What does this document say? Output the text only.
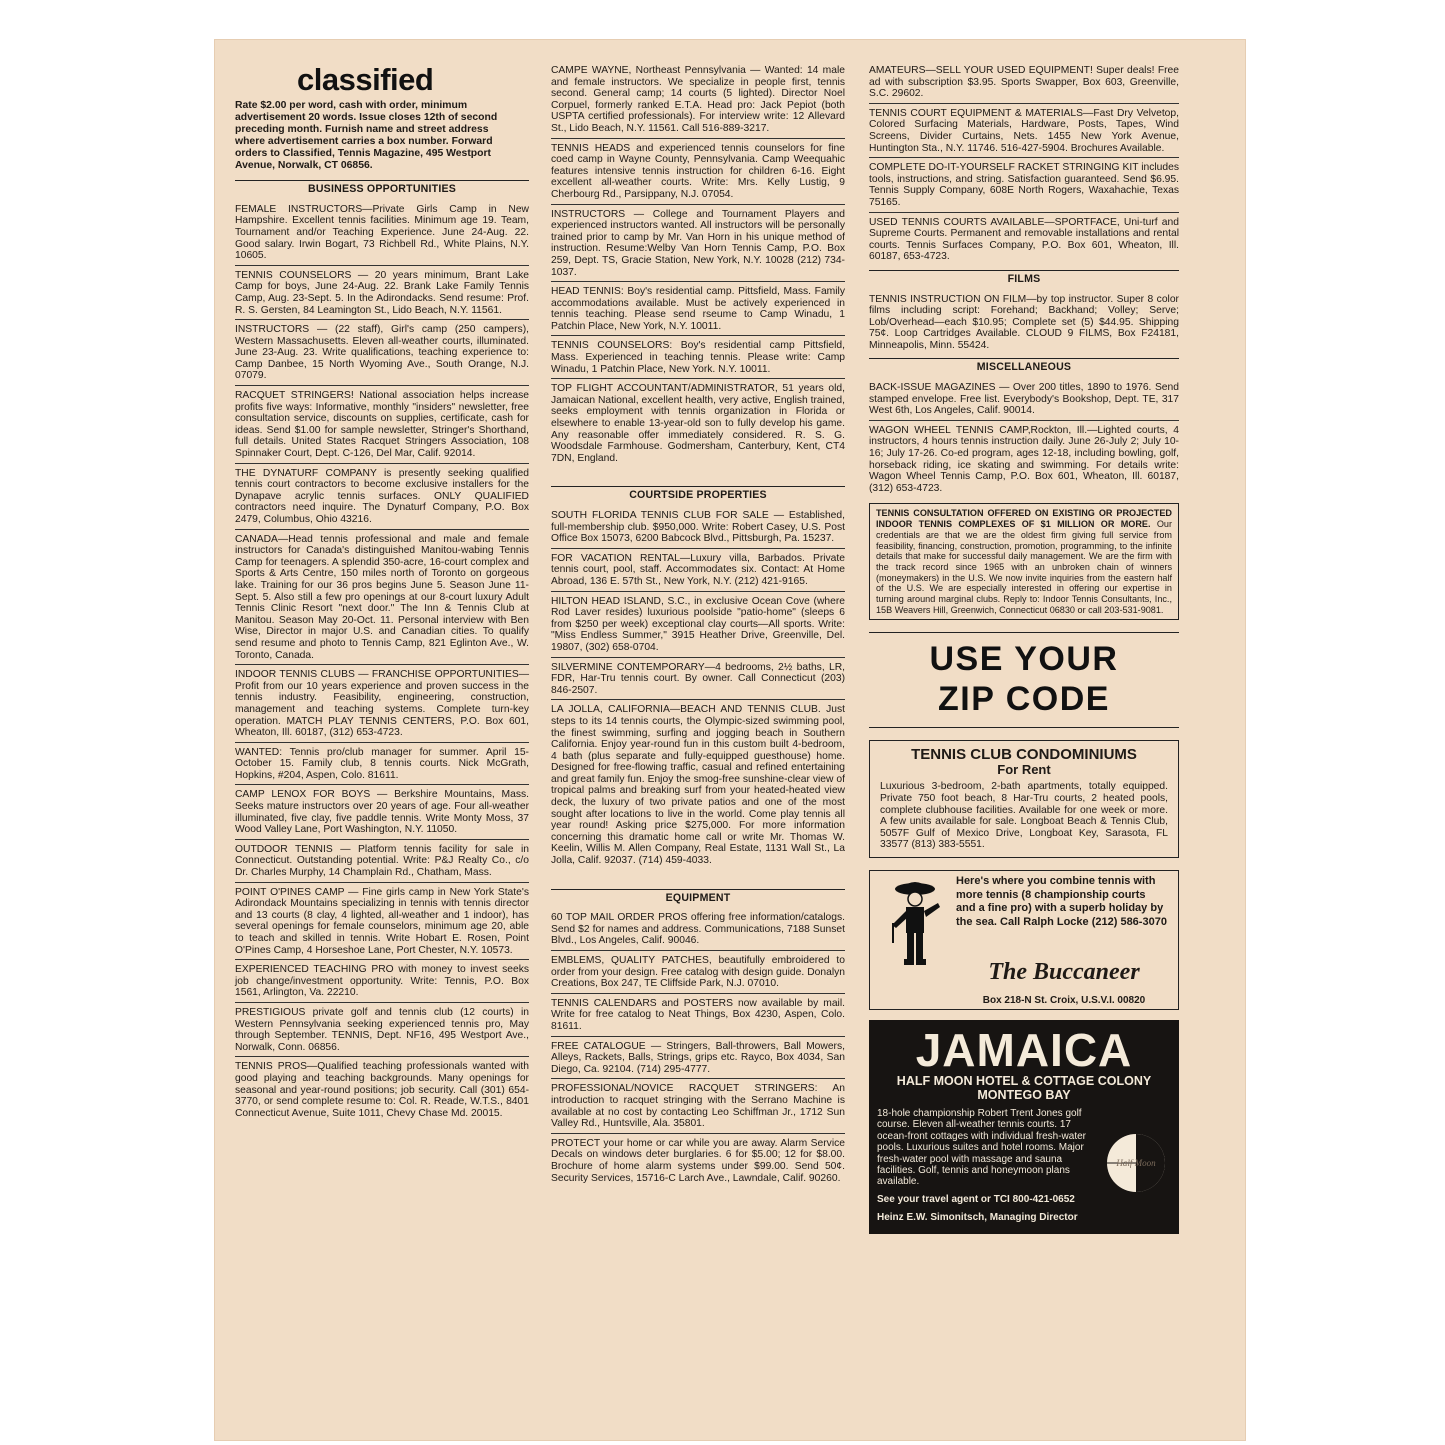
classified
Rate $2.00 per word, cash with order, minimum advertisement 20 words. Issue closes 12th of second preceding month. Furnish name and street address where advertisement carries a box number. Forward orders to Classified, Tennis Magazine, 495 Westport Avenue, Norwalk, CT 06856.
BUSINESS OPPORTUNITIES
FEMALE INSTRUCTORS—Private Girls Camp in New Hampshire. Excellent tennis facilities. Minimum age 19. Team, Tournament and/or Teaching Experience. June 24-Aug. 22. Good salary. Irwin Bogart, 73 Richbell Rd., White Plains, N.Y. 10605.
TENNIS COUNSELORS — 20 years minimum, Brant Lake Camp for boys, June 24-Aug. 22. Brank Lake Family Tennis Camp, Aug. 23-Sept. 5. In the Adirondacks. Send resume: Prof. R. S. Gersten, 84 Leamington St., Lido Beach, N.Y. 11561.
INSTRUCTORS — (22 staff), Girl's camp (250 campers), Western Massachusetts. Eleven all-weather courts, illuminated. June 23-Aug. 23. Write qualifications, teaching experience to: Camp Danbee, 15 North Wyoming Ave., South Orange, N.J. 07079.
RACQUET STRINGERS! National association helps increase profits five ways: Informative, monthly "insiders" newsletter, free consultation service, discounts on supplies, certificate, cash for ideas. Send $1.00 for sample newsletter, Stringer's Shorthand, full details. United States Racquet Stringers Association, 108 Spinnaker Court, Dept. C-126, Del Mar, Calif. 92014.
THE DYNATURF COMPANY is presently seeking qualified tennis court contractors to become exclusive installers for the Dynapave acrylic tennis surfaces. ONLY QUALIFIED contractors need inquire. The Dynaturf Company, P.O. Box 2479, Columbus, Ohio 43216.
CANADA—Head tennis professional and male and female instructors for Canada's distinguished Manitou-wabing Tennis Camp for teenagers. A splendid 350-acre, 16-court complex and Sports & Arts Centre, 150 miles north of Toronto on gorgeous lake. Training for our 36 pros begins June 5. Season June 11-Sept. 5. Also still a few pro openings at our 8-court luxury Adult Tennis Clinic Resort "next door." The Inn & Tennis Club at Manitou. Season May 20-Oct. 11. Personal interview with Ben Wise, Director in major U.S. and Canadian cities. To qualify send resume and photo to Tennis Camp, 821 Eglinton Ave., W. Toronto, Canada.
INDOOR TENNIS CLUBS — FRANCHISE OPPORTUNITIES—Profit from our 10 years experience and proven success in the tennis industry. Feasibility, engineering, construction, management and teaching systems. Complete turn-key operation. MATCH PLAY TENNIS CENTERS, P.O. Box 601, Wheaton, Ill. 60187, (312) 653-4723.
WANTED: Tennis pro/club manager for summer. April 15-October 15. Family club, 8 tennis courts. Nick McGrath, Hopkins, #204, Aspen, Colo. 81611.
CAMP LENOX FOR BOYS — Berkshire Mountains, Mass. Seeks mature instructors over 20 years of age. Four all-weather illuminated, five clay, five paddle tennis. Write Monty Moss, 37 Wood Valley Lane, Port Washington, N.Y. 11050.
OUTDOOR TENNIS — Platform tennis facility for sale in Connecticut. Outstanding potential. Write: P&J Realty Co., c/o Dr. Charles Murphy, 14 Champlain Rd., Chatham, Mass.
POINT O'PINES CAMP — Fine girls camp in New York State's Adirondack Mountains specializing in tennis with tennis director and 13 courts (8 clay, 4 lighted, all-weather and 1 indoor), has several openings for female counselors, minimum age 20, able to teach and skilled in tennis. Write Hobart E. Rosen, Point O'Pines Camp, 4 Horseshoe Lane, Port Chester, N.Y. 10573.
EXPERIENCED TEACHING PRO with money to invest seeks job change/investment opportunity. Write: Tennis, P.O. Box 1561, Arlington, Va. 22210.
PRESTIGIOUS private golf and tennis club (12 courts) in Western Pennsylvania seeking experienced tennis pro, May through September. TENNIS, Dept. NF16, 495 Westport Ave., Norwalk, Conn. 06856.
TENNIS PROS—Qualified teaching professionals wanted with good playing and teaching backgrounds. Many openings for seasonal and year-round positions; job security. Call (301) 654-3770, or send complete resume to: Col. R. Reade, W.T.S., 8401 Connecticut Avenue, Suite 1011, Chevy Chase Md. 20015.
CAMPE WAYNE, Northeast Pennsylvania — Wanted: 14 male and female instructors. We specialize in people first, tennis second. General camp; 14 courts (5 lighted). Director Noel Corpuel, formerly ranked E.T.A. Head pro: Jack Pepiot (both USPTA certified professionals). For interview write: 12 Allevard St., Lido Beach, N.Y. 11561. Call 516-889-3217.
TENNIS HEADS and experienced tennis counselors for fine coed camp in Wayne County, Pennsylvania. Camp Weequahic features intensive tennis instruction for children 6-16. Eight excellent all-weather courts. Write: Mrs. Kelly Lustig, 9 Cherbourg Rd., Parsippany, N.J. 07054.
INSTRUCTORS — College and Tournament Players and experienced instructors wanted. All instructors will be personally trained prior to camp by Mr. Van Horn in his unique method of instruction. Resume:Welby Van Horn Tennis Camp, P.O. Box 259, Dept. TS, Gracie Station, New York, N.Y. 10028 (212) 734-1037.
HEAD TENNIS: Boy's residential camp. Pittsfield, Mass. Family accommodations available. Must be actively experienced in tennis teaching. Please send rseume to Camp Winadu, 1 Patchin Place, New York, N.Y. 10011.
TENNIS COUNSELORS: Boy's residential camp Pittsfield, Mass. Experienced in teaching tennis. Please write: Camp Winadu, 1 Patchin Place, New York. N.Y. 10011.
TOP FLIGHT ACCOUNTANT/ADMINISTRATOR, 51 years old, Jamaican National, excellent health, very active, English trained, seeks employment with tennis organization in Florida or elsewhere to enable 13-year-old son to fully develop his game. Any reasonable offer immediately considered. R. S. G. Woodsdale Farmhouse. Godmersham, Canterbury, Kent, CT4 7DN, England.
COURTSIDE PROPERTIES
SOUTH FLORIDA TENNIS CLUB FOR SALE — Established, full-membership club. $950,000. Write: Robert Casey, U.S. Post Office Box 15073, 6200 Babcock Blvd., Pittsburgh, Pa. 15237.
FOR VACATION RENTAL—Luxury villa, Barbados. Private tennis court, pool, staff. Accommodates six. Contact: At Home Abroad, 136 E. 57th St., New York, N.Y. (212) 421-9165.
HILTON HEAD ISLAND, S.C., in exclusive Ocean Cove (where Rod Laver resides) luxurious poolside "patio-home" (sleeps 6 from $250 per week) exceptional clay courts—All sports. Write: "Miss Endless Summer," 3915 Heather Drive, Greenville, Del. 19807, (302) 658-0704.
SILVERMINE CONTEMPORARY—4 bedrooms, 2½ baths, LR, FDR, Har-Tru tennis court. By owner. Call Connecticut (203) 846-2507.
LA JOLLA, CALIFORNIA—BEACH AND TENNIS CLUB. Just steps to its 14 tennis courts, the Olympic-sized swimming pool, the finest swimming, surfing and jogging beach in Southern California. Enjoy year-round fun in this custom built 4-bedroom, 4 bath (plus separate and fully-equipped guesthouse) home. Designed for free-flowing traffic, casual and refined entertaining and great family fun. Enjoy the smog-free sunshine-clear view of tropical palms and breaking surf from your heated-heated view deck, the luxury of two private patios and one of the most sought after locations to live in the world. Come play tennis all year round! Asking price $275,000. For more information concerning this dramatic home call or write Mr. Thomas W. Keelin, Willis M. Allen Company, Real Estate, 1131 Wall St., La Jolla, Calif. 92037. (714) 459-4033.
EQUIPMENT
60 TOP MAIL ORDER PROS offering free information/catalogs. Send $2 for names and address. Communications, 7188 Sunset Blvd., Los Angeles, Calif. 90046.
EMBLEMS, QUALITY PATCHES, beautifully embroidered to order from your design. Free catalog with design guide. Donalyn Creations, Box 247, TE Cliffside Park, N.J. 07010.
TENNIS CALENDARS and POSTERS now available by mail. Write for free catalog to Neat Things, Box 4230, Aspen, Colo. 81611.
FREE CATALOGUE — Stringers, Ball-throwers, Ball Mowers, Alleys, Rackets, Balls, Strings, grips etc. Rayco, Box 4034, San Diego, Ca. 92104. (714) 295-4777.
PROFESSIONAL/NOVICE RACQUET STRINGERS: An introduction to racquet stringing with the Serrano Machine is available at no cost by contacting Leo Schiffman Jr., 1712 Sun Valley Rd., Huntsville, Ala. 35801.
PROTECT your home or car while you are away. Alarm Service Decals on windows deter burglaries. 6 for $5.00; 12 for $8.00. Brochure of home alarm systems under $99.00. Send 50¢. Security Services, 15716-C Larch Ave., Lawndale, Calif. 90260.
AMATEURS—SELL YOUR USED EQUIPMENT! Super deals! Free ad with subscription $3.95. Sports Swapper, Box 603, Greenville, S.C. 29602.
TENNIS COURT EQUIPMENT & MATERIALS—Fast Dry Velvetop, Colored Surfacing Materials, Hardware, Posts, Tapes, Wind Screens, Divider Curtains, Nets. 1455 New York Avenue, Huntington Sta., N.Y. 11746. 516-427-5904. Brochures Available.
COMPLETE DO-IT-YOURSELF RACKET STRINGING KIT includes tools, instructions, and string. Satisfaction guaranteed. Send $6.95. Tennis Supply Company, 608E North Rogers, Waxahachie, Texas 75165.
USED TENNIS COURTS AVAILABLE—SPORTFACE, Uni-turf and Supreme Courts. Permanent and removable installations and rental courts. Tennis Surfaces Company, P.O. Box 601, Wheaton, Ill. 60187, 653-4723.
FILMS
TENNIS INSTRUCTION ON FILM—by top instructor. Super 8 color films including script: Forehand; Backhand; Volley; Serve; Lob/Overhead—each $10.95; Complete set (5) $44.95. Shipping 75¢. Loop Cartridges Available. CLOUD 9 FILMS, Box F24181, Minneapolis, Minn. 55424.
MISCELLANEOUS
BACK-ISSUE MAGAZINES — Over 200 titles, 1890 to 1976. Send stamped envelope. Free list. Everybody's Bookshop, Dept. TE, 317 West 6th, Los Angeles, Calif. 90014.
WAGON WHEEL TENNIS CAMP,Rockton, Ill.—Lighted courts, 4 instructors, 4 hours tennis instruction daily. June 26-July 2; July 10-16; July 17-26. Co-ed program, ages 12-18, including bowling, golf, horseback riding, ice skating and swimming. For details write: Wagon Wheel Tennis Camp, P.O. Box 601, Wheaton, Ill. 60187, (312) 653-4723.
TENNIS CONSULTATION OFFERED ON EXISTING OR PROJECTED INDOOR TENNIS COMPLEXES OF $1 MILLION OR MORE. Our credentials are that we are the oldest firm giving full service from feasibility, financing, construction, promotion, programming, to the infinite details that make for successful daily management. We are the firm with the track record since 1965 with an unbroken chain of winners (moneymakers) in the U.S. We now invite inquiries from the eastern half of the U.S. We are especially interested in offering our expertise in turning around marginal clubs. Reply to: Indoor Tennis Consultants, Inc., 15B Weavers Hill, Greenwich, Connecticut 06830 or call 203-531-9081.
USE YOUR
ZIP CODE
TENNIS CLUB CONDOMINIUMS
For Rent

Luxurious 3-bedroom, 2-bath apartments, totally equipped. Private 750 foot beach, 8 Har-Tru courts, 2 heated pools, complete clubhouse facilities. Available for one week or more. A few units available for sale. Longboat Beach & Tennis Club, 5057F Gulf of Mexico Drive, Longboat Key, Sarasota, FL 33577 (813) 383-5551.

Here's where you combine tennis with more tennis (8 championship courts and a fine pro) with a superb holiday by the sea. Call Ralph Locke (212) 586-3070
The Buccaneer
Box 218-N St. Croix, U.S.V.I. 00820
JAMAICA
HALF MOON HOTEL & COTTAGE COLONY
MONTEGO BAY
18-hole championship Robert Trent Jones golf course. Eleven all-weather tennis courts. 17 ocean-front cottages with individual fresh-water pools. Luxurious suites and hotel rooms. Major fresh-water pool with massage and sauna facilities. Golf, tennis and honeymoon plans available.
See your travel agent or TCI 800-421-0652
Heinz E.W. Simonitsch, Managing Director
Half Moon
